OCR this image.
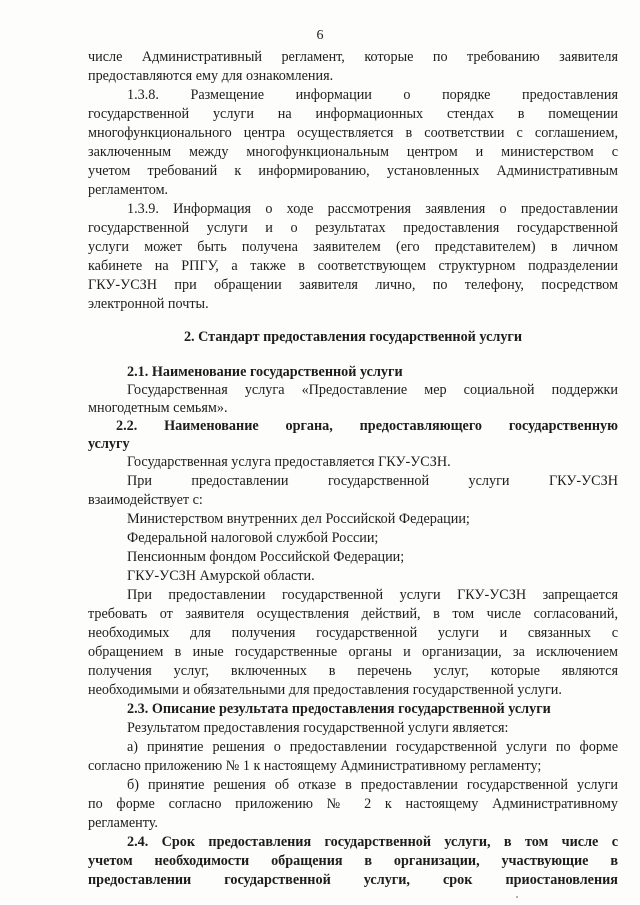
6
числе Административный регламент, которые по требованию заявителя
предоставляются ему для ознакомления.
1.3.8. Размещение информации о порядке предоставления
государственной услуги на информационных стендах в помещении
многофункционального центра осуществляется в соответствии с соглашением,
заключенным между многофункциональным центром и министерством с
учетом требований к информированию, установленных Административным
регламентом.
1.3.9. Информация о ходе рассмотрения заявления о предоставлении
государственной услуги и о результатах предоставления государственной
услуги может быть получена заявителем (его представителем) в личном
кабинете на РПГУ, а также в соответствующем структурном подразделении
ГКУ-УСЗН при обращении заявителя лично, по телефону, посредством
электронной почты.
2. Стандарт предоставления государственной услуги
2.1. Наименование государственной услуги
Государственная услуга «Предоставление мер социальной поддержки
многодетным семьям».
2.2. Наименование органа, предоставляющего государственную
услугу
Государственная услуга предоставляется ГКУ-УСЗН.
При предоставлении государственной услуги ГКУ-УСЗН
взаимодействует с:
Министерством внутренних дел Российской Федерации;
Федеральной налоговой службой России;
Пенсионным фондом Российской Федерации;
ГКУ-УСЗН Амурской области.
При предоставлении государственной услуги ГКУ-УСЗН запрещается
требовать от заявителя осуществления действий, в том числе согласований,
необходимых для получения государственной услуги и связанных с
обращением в иные государственные органы и организации, за исключением
получения услуг, включенных в перечень услуг, которые являются
необходимыми и обязательными для предоставления государственной услуги.
2.3. Описание результата предоставления государственной услуги
Результатом предоставления государственной услуги является:
а) принятие решения о предоставлении государственной услуги по форме
согласно приложению № 1 к настоящему Административному регламенту;
б) принятие решения об отказе в предоставлении государственной услуги
по форме согласно приложению № 2 к настоящему Административному
регламенту.
2.4. Срок предоставления государственной услуги, в том числе с
учетом необходимости обращения в организации, участвующие в
предоставлении государственной услуги, срок приостановления
